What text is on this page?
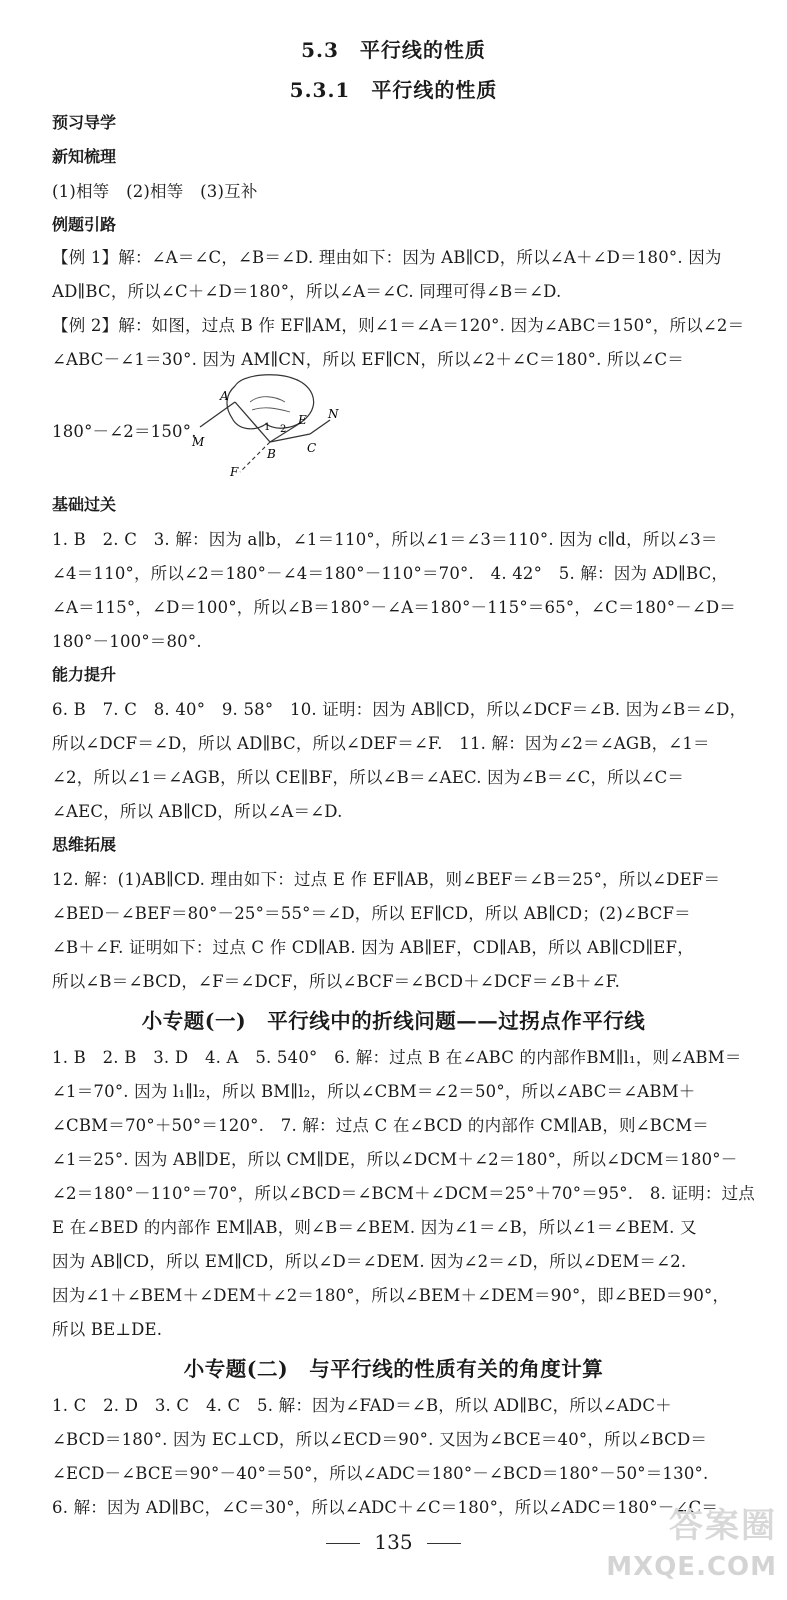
5.3　平行线的性质
5.3.1　平行线的性质
预习导学
新知梳理
(1)相等　(2)相等　(3)互补
例题引路
【例 1】解：∠A＝∠C，∠B＝∠D. 理由如下：因为 AB∥CD，所以∠A＋∠D＝180°. 因为
AD∥BC，所以∠C＋∠D＝180°，所以∠A＝∠C. 同理可得∠B＝∠D.
【例 2】解：如图，过点 B 作 EF∥AM，则∠1＝∠A＝120°. 因为∠ABC＝150°，所以∠2＝
∠ABC－∠1＝30°. 因为 AM∥CN，所以 EF∥CN，所以∠2＋∠C＝180°. 所以∠C＝
180°－∠2＝150°.
A
M
1 2
E N
B	C
F
基础过关
1. B　2. C　3. 解：因为 a∥b，∠1＝110°，所以∠1＝∠3＝110°. 因为 c∥d，所以∠3＝
∠4＝110°，所以∠2＝180°－∠4＝180°－110°＝70°.　4. 42°　5. 解：因为 AD∥BC，
∠A＝115°，∠D＝100°，所以∠B＝180°－∠A＝180°－115°＝65°，∠C＝180°－∠D＝
180°－100°＝80°.
能力提升
6. B　7. C　8. 40°　9. 58°　10. 证明：因为 AB∥CD，所以∠DCF＝∠B. 因为∠B＝∠D，
所以∠DCF＝∠D，所以 AD∥BC，所以∠DEF＝∠F.　11. 解：因为∠2＝∠AGB，∠1＝
∠2，所以∠1＝∠AGB，所以 CE∥BF，所以∠B＝∠AEC. 因为∠B＝∠C，所以∠C＝
∠AEC，所以 AB∥CD，所以∠A＝∠D.
思维拓展
12. 解：(1)AB∥CD. 理由如下：过点 E 作 EF∥AB，则∠BEF＝∠B＝25°，所以∠DEF＝
∠BED－∠BEF＝80°－25°＝55°＝∠D，所以 EF∥CD，所以 AB∥CD；(2)∠BCF＝
∠B＋∠F. 证明如下：过点 C 作 CD∥AB. 因为 AB∥EF，CD∥AB，所以 AB∥CD∥EF，
所以∠B＝∠BCD，∠F＝∠DCF，所以∠BCF＝∠BCD＋∠DCF＝∠B＋∠F.
小专题(一)　平行线中的折线问题——过拐点作平行线
1. B　2. B　3. D　4. A　5. 540°　6. 解：过点 B 在∠ABC 的内部作BM∥l₁，则∠ABM＝
∠1＝70°. 因为 l₁∥l₂，所以 BM∥l₂，所以∠CBM＝∠2＝50°，所以∠ABC＝∠ABM＋
∠CBM＝70°＋50°＝120°.　7. 解：过点 C 在∠BCD 的内部作 CM∥AB，则∠BCM＝
∠1＝25°. 因为 AB∥DE，所以 CM∥DE，所以∠DCM＋∠2＝180°，所以∠DCM＝180°－
∠2＝180°－110°＝70°，所以∠BCD＝∠BCM＋∠DCM＝25°＋70°＝95°.　8. 证明：过点
E 在∠BED 的内部作 EM∥AB，则∠B＝∠BEM. 因为∠1＝∠B，所以∠1＝∠BEM. 又
因为 AB∥CD，所以 EM∥CD，所以∠D＝∠DEM. 因为∠2＝∠D，所以∠DEM＝∠2.
因为∠1＋∠BEM＋∠DEM＋∠2＝180°，所以∠BEM＋∠DEM＝90°，即∠BED＝90°，
所以 BE⊥DE.
小专题(二)　与平行线的性质有关的角度计算
1. C　2. D　3. C　4. C　5. 解：因为∠FAD＝∠B，所以 AD∥BC，所以∠ADC＋
∠BCD＝180°. 因为 EC⊥CD，所以∠ECD＝90°. 又因为∠BCE＝40°，所以∠BCD＝
∠ECD－∠BCE＝90°－40°＝50°，所以∠ADC＝180°－∠BCD＝180°－50°＝130°.
6. 解：因为 AD∥BC，∠C＝30°，所以∠ADC＋∠C＝180°，所以∠ADC＝180°－∠C＝
135	答案圈
MXQE.COM
